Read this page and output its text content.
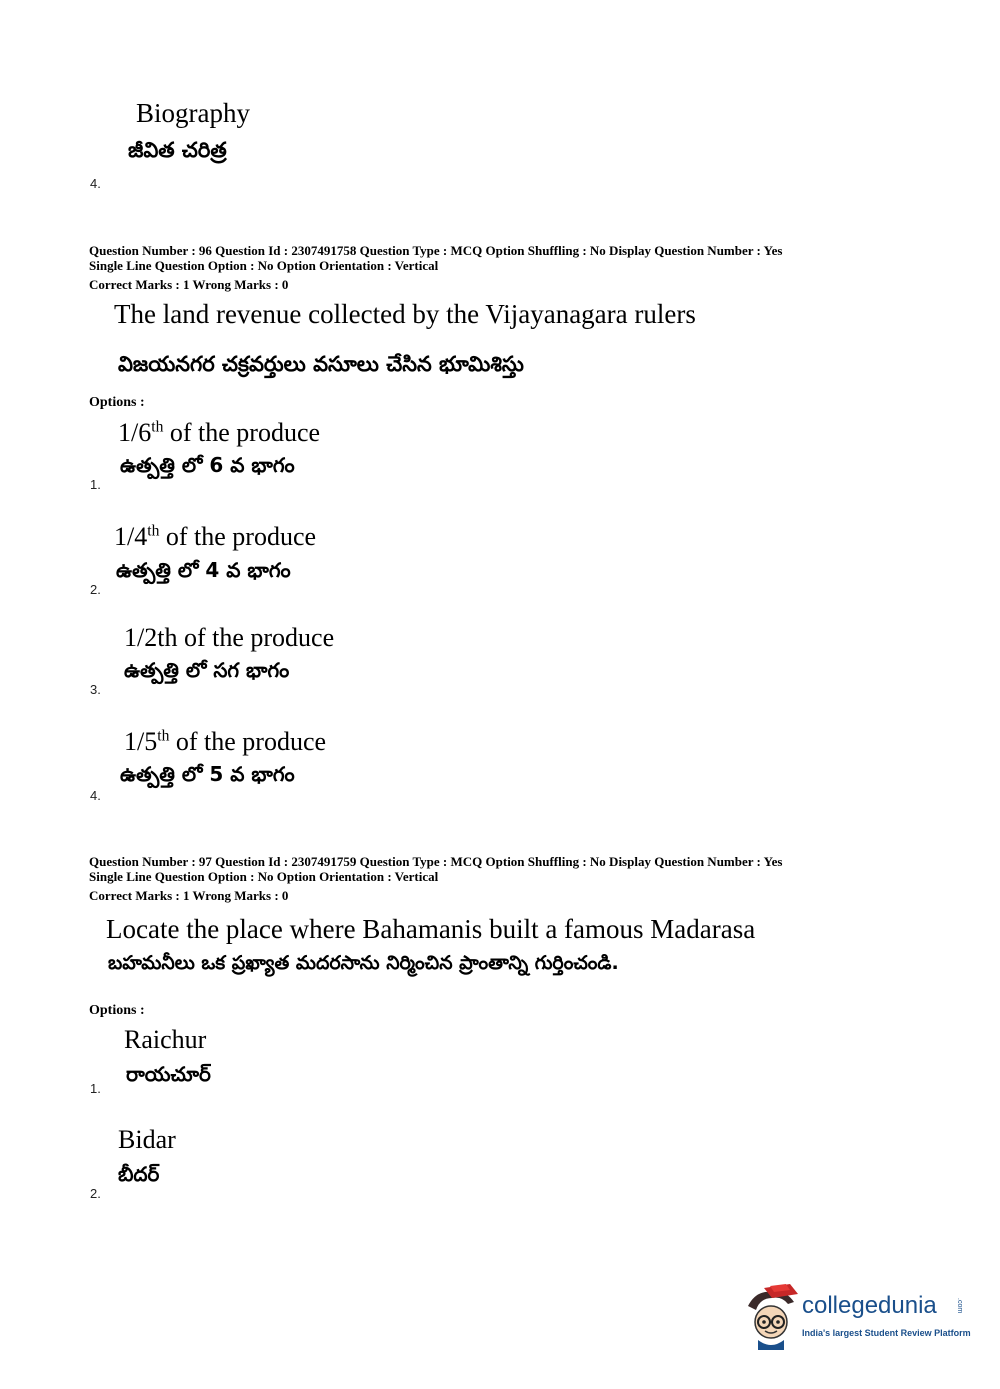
Biography
జీవిత చరిత్ర
4.
Question Number : 96 Question Id : 2307491758 Question Type : MCQ Option Shuffling : No Display Question Number : Yes
Single Line Question Option : No Option Orientation : Vertical
Correct Marks : 1 Wrong Marks : 0
The land revenue collected by the Vijayanagara rulers
విజయనగర చక్రవర్తులు వసూలు చేసిన భూమిశిస్తు
Options :
1/6th of the produce
ఉత్పత్తి లో 6 వ భాగం
1.
1/4th of the produce
ఉత్పత్తి లో 4 వ భాగం
2.
1/2th of the produce
ఉత్పత్తి లో సగ భాగం
3.
1/5th of the produce
ఉత్పత్తి లో 5 వ భాగం
4.
Question Number : 97 Question Id : 2307491759 Question Type : MCQ Option Shuffling : No Display Question Number : Yes
Single Line Question Option : No Option Orientation : Vertical
Correct Marks : 1 Wrong Marks : 0
Locate the place where Bahamanis built a famous Madarasa
బహమనీలు ఒక ప్రఖ్యాత మదరసాను నిర్మించిన ప్రాంతాన్ని గుర్తించండి.
Options :
Raichur
రాయచూర్
1.
Bidar
బీదర్
2.
collegedunia	.com
India's largest Student Review Platform
